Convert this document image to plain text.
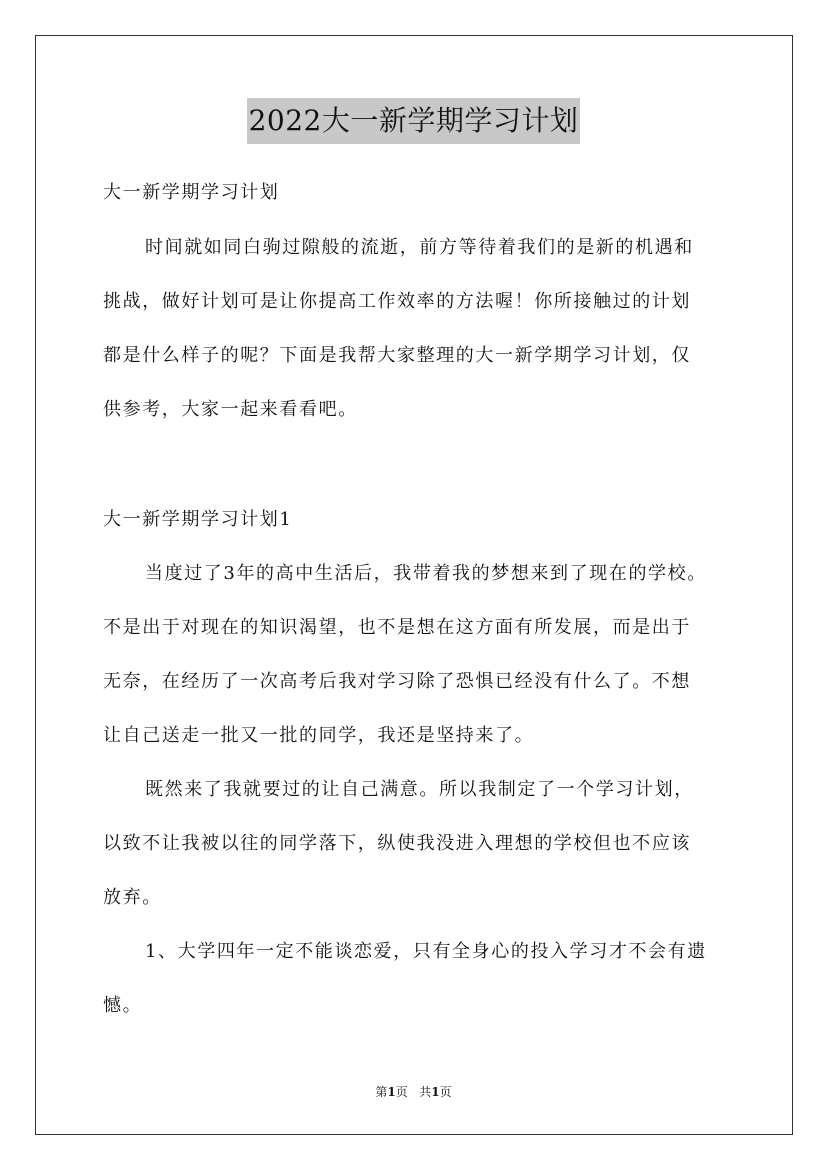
2022大一新学期学习计划
大一新学期学习计划
时间就如同白驹过隙般的流逝，前方等待着我们的是新的机遇和
挑战，做好计划可是让你提高工作效率的方法喔！你所接触过的计划
都是什么样子的呢？下面是我帮大家整理的大一新学期学习计划，仅
供参考，大家一起来看看吧。
大一新学期学习计划1
当度过了3年的高中生活后，我带着我的梦想来到了现在的学校。
不是出于对现在的知识渴望，也不是想在这方面有所发展，而是出于
无奈，在经历了一次高考后我对学习除了恐惧已经没有什么了。不想
让自己送走一批又一批的同学，我还是坚持来了。
既然来了我就要过的让自己满意。所以我制定了一个学习计划，
以致不让我被以往的同学落下，纵使我没进入理想的学校但也不应该
放弃。
1、大学四年一定不能谈恋爱，只有全身心的投入学习才不会有遗
憾。
第1页 共1页
